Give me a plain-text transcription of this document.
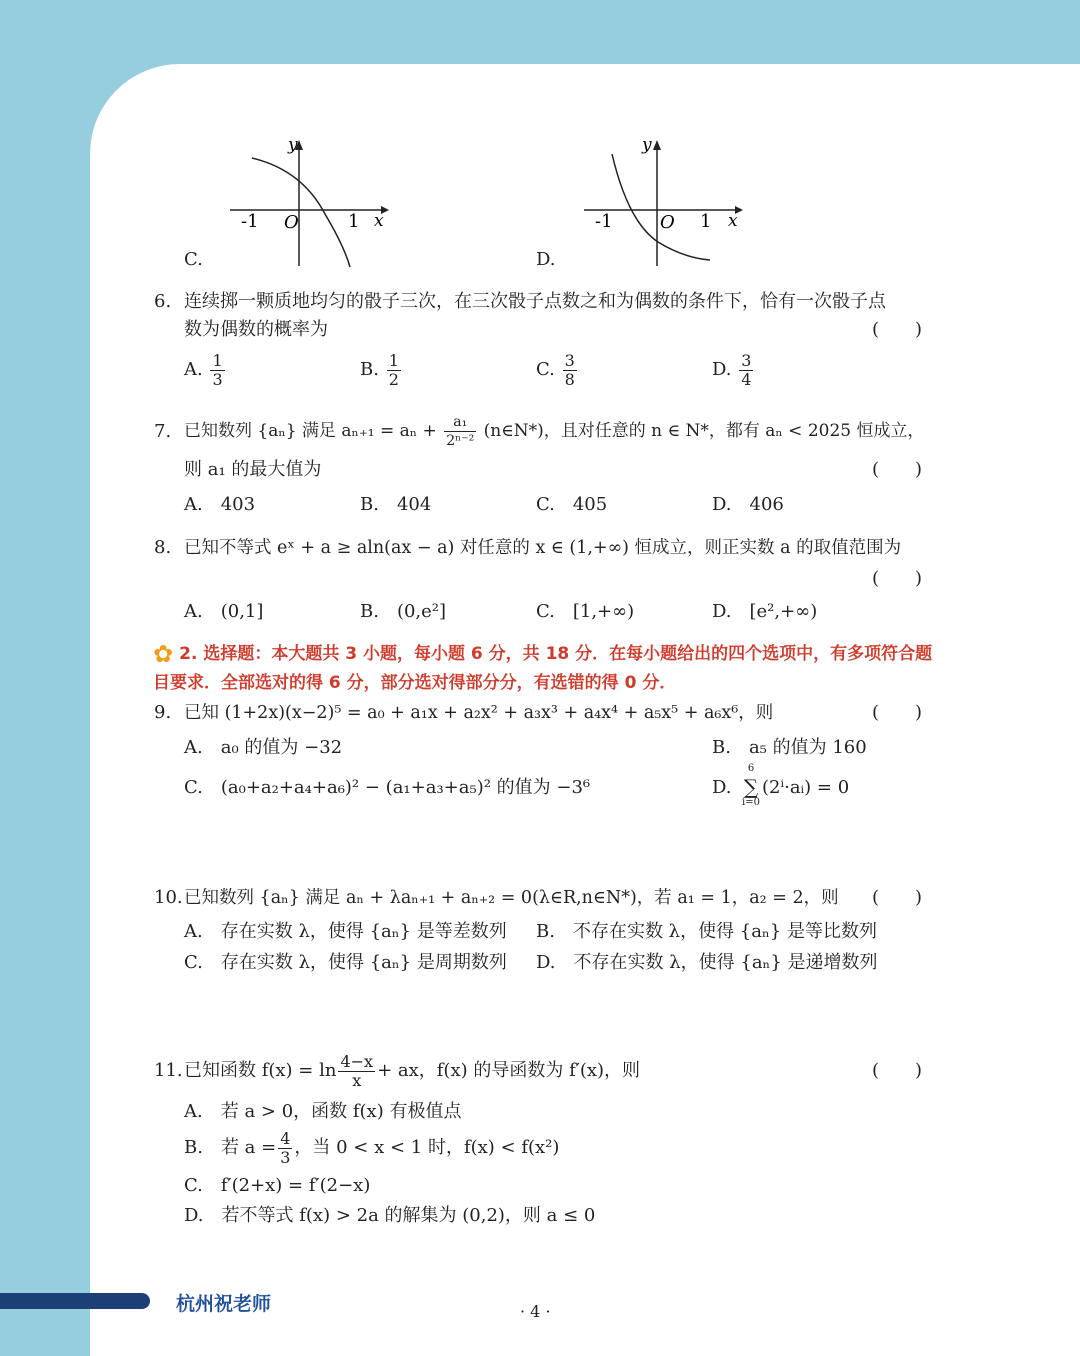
y
x
O
-1	1
C.
y
x
O
-1	1
D.
6. 连续掷一颗质地均匀的骰子三次，在三次骰子点数之和为偶数的条件下，恰有一次骰子点
数为偶数的概率为	(　　)
A. $\frac{1}{3}$	B. $\frac{1}{2}$	C. $\frac{3}{8}$	D. $\frac{3}{4}$
7. 已知数列 {aₙ} 满足 $a_{n+1} = a_n + \frac{\text{a₁}}{\text{2ⁿ⁻²}}$ (n∈N*)，且对任意的 n ∈ N*，都有 aₙ < 2025 恒成立，
则 a₁ 的最大值为	(　　)
A.　403	B.　404	C.　405	D.　406
8. 已知不等式 eˣ + a ≥ aln(ax − a) 对任意的 x ∈ (1,+∞) 恒成立，则正实数 a 的取值范围为
(　　)
A.　(0,1]	B.　(0,e²]	C.　[1,+∞)	D.　[e²,+∞)
✿ 2. 选择题：本大题共 3 小题，每小题 6 分，共 18 分．在每小题给出的四个选项中，有多项符合题目要求．全部选对的得 6 分，部分选对得部分分，有选错的得 0 分．
9. 已知 (1+2x)(x−2)⁵ = a₀ + a₁x + a₂x² + a₃x³ + a₄x⁴ + a₅x⁵ + a₆x⁶，则	(　　)
A.　a₀ 的值为 −32	B.　a₅ 的值为 160
C.　(a₀+a₂+a₄+a₆)² − (a₁+a₃+a₅)² 的值为 −3⁶	D.
6
∑
i=0
(2ⁱ·aᵢ) = 0
10. 已知数列 {aₙ} 满足 aₙ + λaₙ₊₁ + aₙ₊₂ = 0(λ∈R,n∈N*)，若 a₁ = 1，a₂ = 2，则 (　　)
A.　存在实数 λ，使得 {aₙ} 是等差数列 B.　不存在实数 λ，使得 {aₙ} 是等比数列
C.　存在实数 λ，使得 {aₙ} 是周期数列 D.　不存在实数 λ，使得 {aₙ} 是递增数列
11. 已知函数 $f(x) = \ln \frac{4-x}{x}$ + ax，f(x) 的导函数为 f′(x)，则	(　　)
A.　若 a > 0，函数 f(x) 有极值点
B.　若 $a = \frac{4}{3}$ ，当 0 < x < 1 时，f(x) < f(x²)
C.　f′(2+x) = f′(2−x)
D.　若不等式 f(x) > 2a 的解集为 (0,2)，则 a ≤ 0
杭州祝老师	· 4 ·
